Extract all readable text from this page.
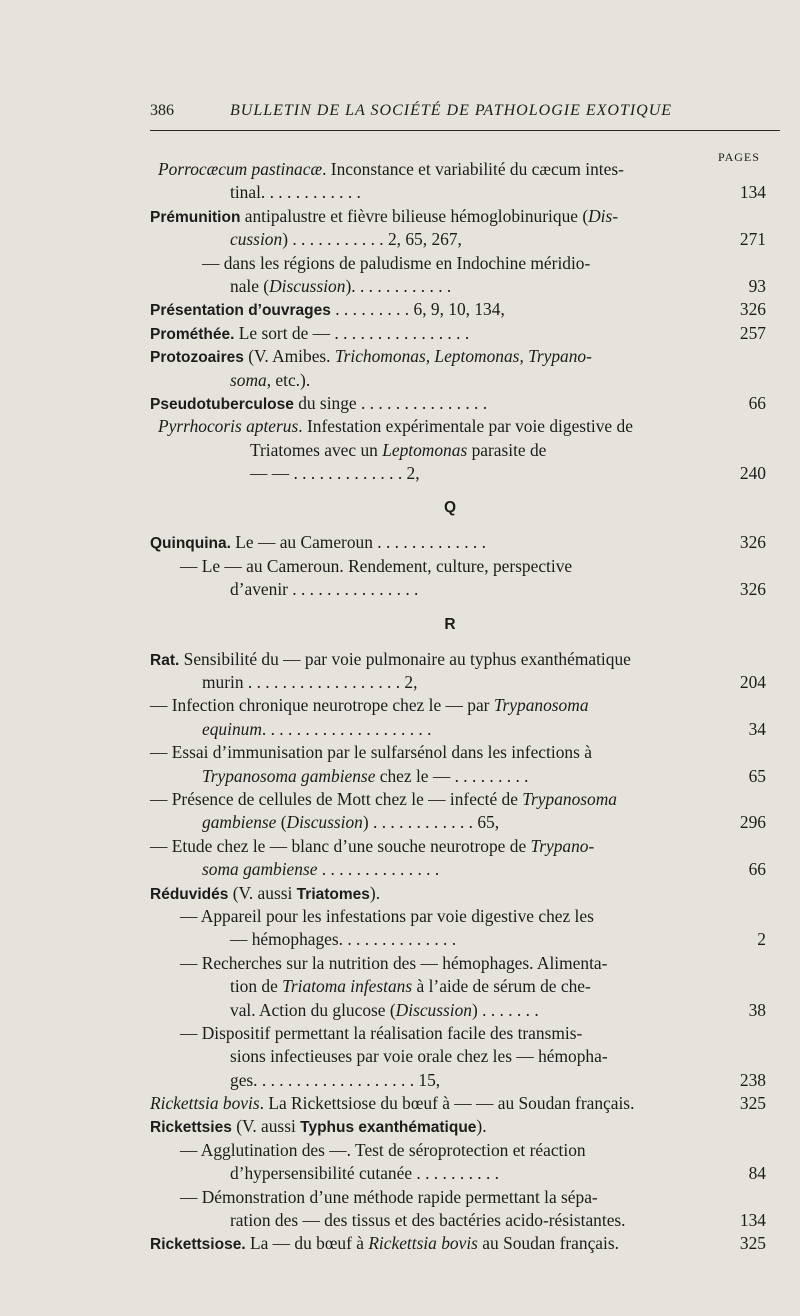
386	BULLETIN DE LA SOCIÉTÉ DE PATHOLOGIE EXOTIQUE
PAGES
Porrocæcum pastinacæ. Inconstance et variabilité du cæcum intes-
tinal. . . . . . . . . . . .	134
Prémunition antipalustre et fièvre bilieuse hémoglobinurique (Dis-
cussion) . . . . . . . . . . . 2, 65, 267,	271
— dans les régions de paludisme en Indochine méridio-
nale (Discussion). . . . . . . . . . . .	93
Présentation d’ouvrages . . . . . . . . . 6, 9, 10, 134,	326
Prométhée. Le sort de — . . . . . . . . . . . . . . . .	257
Protozoaires (V. Amibes. Trichomonas, Leptomonas, Trypano-
soma, etc.).
Pseudotuberculose du singe . . . . . . . . . . . . . . .	66
Pyrrhocoris apterus. Infestation expérimentale par voie digestive de
Triatomes avec un Leptomonas parasite de
— — . . . . . . . . . . . . . 2,	240
Q
Quinquina. Le — au Cameroun . . . . . . . . . . . . .	326
— Le — au Cameroun. Rendement, culture, perspective
d’avenir . . . . . . . . . . . . . . .	326
R
Rat. Sensibilité du — par voie pulmonaire au typhus exanthématique
murin . . . . . . . . . . . . . . . . . . 2,	204
— Infection chronique neurotrope chez le — par Trypanosoma
equinum. . . . . . . . . . . . . . . . . . . .	34
— Essai d’immunisation par le sulfarsénol dans les infections à
Trypanosoma gambiense chez le — . . . . . . . . .	65
— Présence de cellules de Mott chez le — infecté de Trypanosoma
gambiense (Discussion) . . . . . . . . . . . . 65,	296
— Etude chez le — blanc d’une souche neurotrope de Trypano-
soma gambiense . . . . . . . . . . . . . .	66
Réduvidés (V. aussi Triatomes).
— Appareil pour les infestations par voie digestive chez les
— hémophages. . . . . . . . . . . . . .	2
— Recherches sur la nutrition des — hémophages. Alimenta-
tion de Triatoma infestans à l’aide de sérum de che-
val. Action du glucose (Discussion) . . . . . . .	38
— Dispositif permettant la réalisation facile des transmis-
sions infectieuses par voie orale chez les — hémopha-
ges. . . . . . . . . . . . . . . . . . . 15,	238
Rickettsia bovis. La Rickettsiose du bœuf à — — au Soudan français.	325
Rickettsies (V. aussi Typhus exanthématique).
— Agglutination des —. Test de séroprotection et réaction
d’hypersensibilité cutanée . . . . . . . . . .	84
— Démonstration d’une méthode rapide permettant la sépa-
ration des — des tissus et des bactéries acido-résistantes.	134
Rickettsiose. La — du bœuf à Rickettsia bovis au Soudan français.	325
